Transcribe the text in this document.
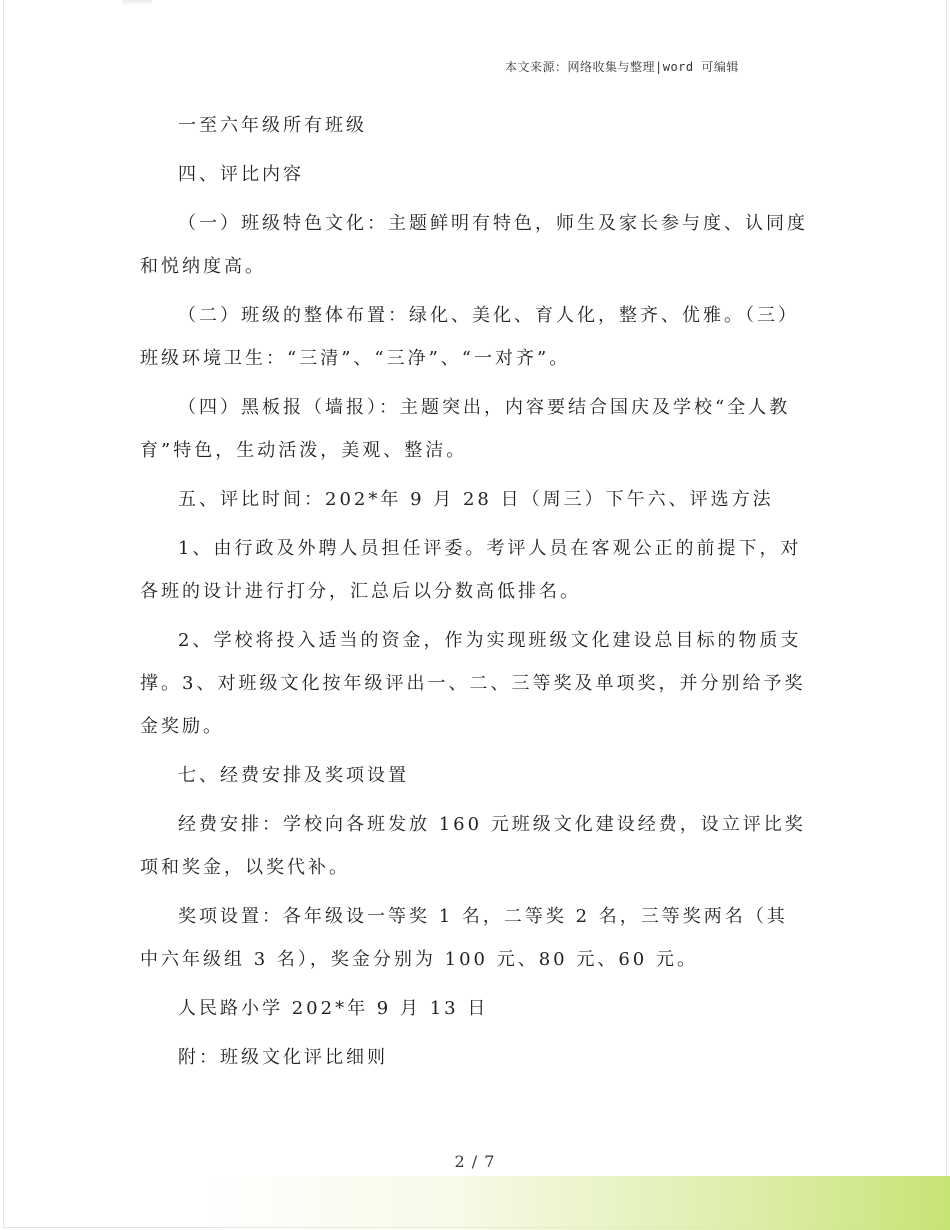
本文来源：网络收集与整理|word 可编辑

一至六年级所有班级

四、评比内容

（一）班级特色文化：主题鲜明有特色，师生及家长参与度、认同度和悦纳度高。

（二）班级的整体布置：绿化、美化、育人化，整齐、优雅。（三）班级环境卫生：“三清”、“三净”、“一对齐”。

（四）黑板报（墙报）：主题突出，内容要结合国庆及学校“全人教育”特色，生动活泼，美观、整洁。

五、评比时间：202*年 9 月 28 日（周三）下午六、评选方法

1、由行政及外聘人员担任评委。考评人员在客观公正的前提下，对各班的设计进行打分，汇总后以分数高低排名。

2、学校将投入适当的资金，作为实现班级文化建设总目标的物质支撑。3、对班级文化按年级评出一、二、三等奖及单项奖，并分别给予奖金奖励。

七、经费安排及奖项设置

经费安排：学校向各班发放 160 元班级文化建设经费，设立评比奖项和奖金，以奖代补。

奖项设置：各年级设一等奖 1 名，二等奖 2 名，三等奖两名（其中六年级组 3 名），奖金分别为 100 元、80 元、60 元。

人民路小学 202*年 9 月 13 日

附：班级文化评比细则

2 / 7
